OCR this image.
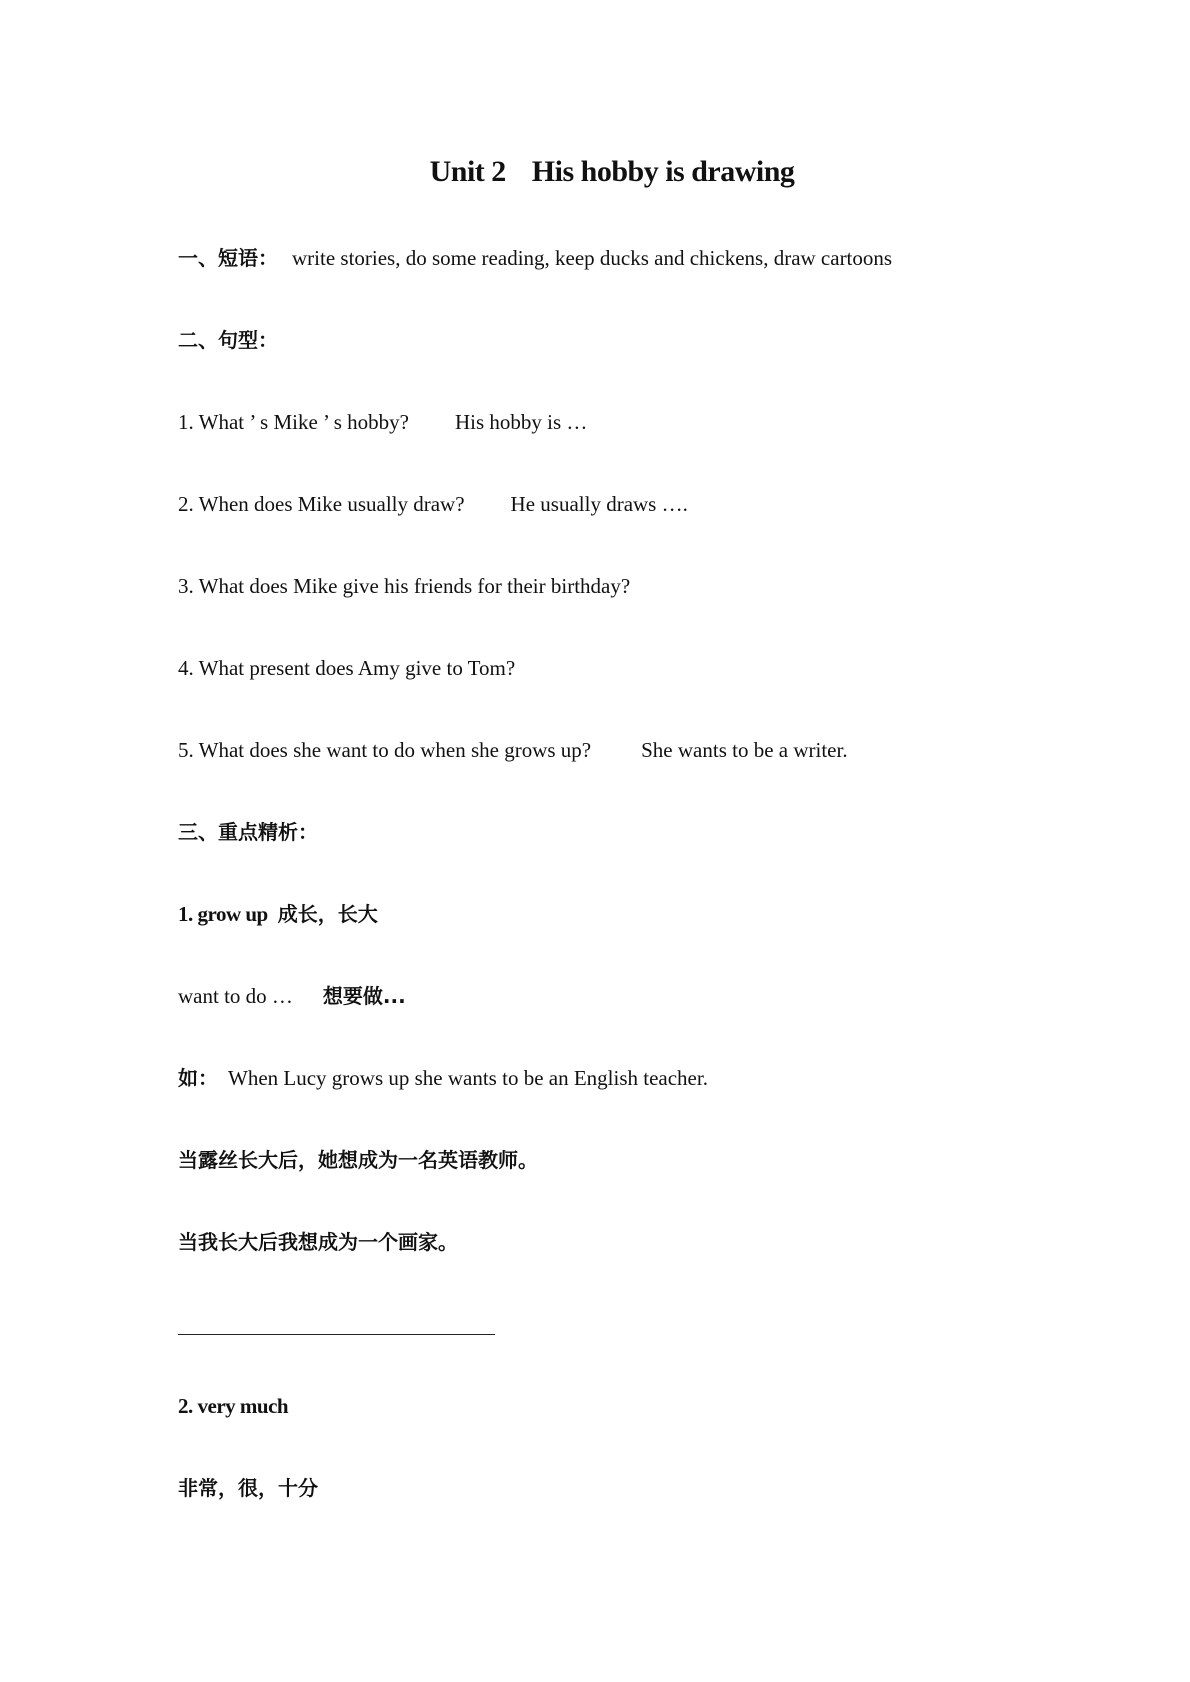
Unit 2 His hobby is drawing
一、短语： write stories, do some reading, keep ducks and chickens, draw cartoons
二、句型：
1. What ’ s Mike ’ s hobby? His hobby is …
2. When does Mike usually draw? He usually draws ….
3. What does Mike give his friends for their birthday?
4. What present does Amy give to Tom?
5. What does she want to do when she grows up? She wants to be a writer.
三、重点精析：
1. grow up 成长，长大
want to do … 想要做...
如： When Lucy grows up she wants to be an English teacher.
当露丝长大后，她想成为一名英语教师。
当我长大后我想成为一个画家。
2. very much
非常，很，十分
